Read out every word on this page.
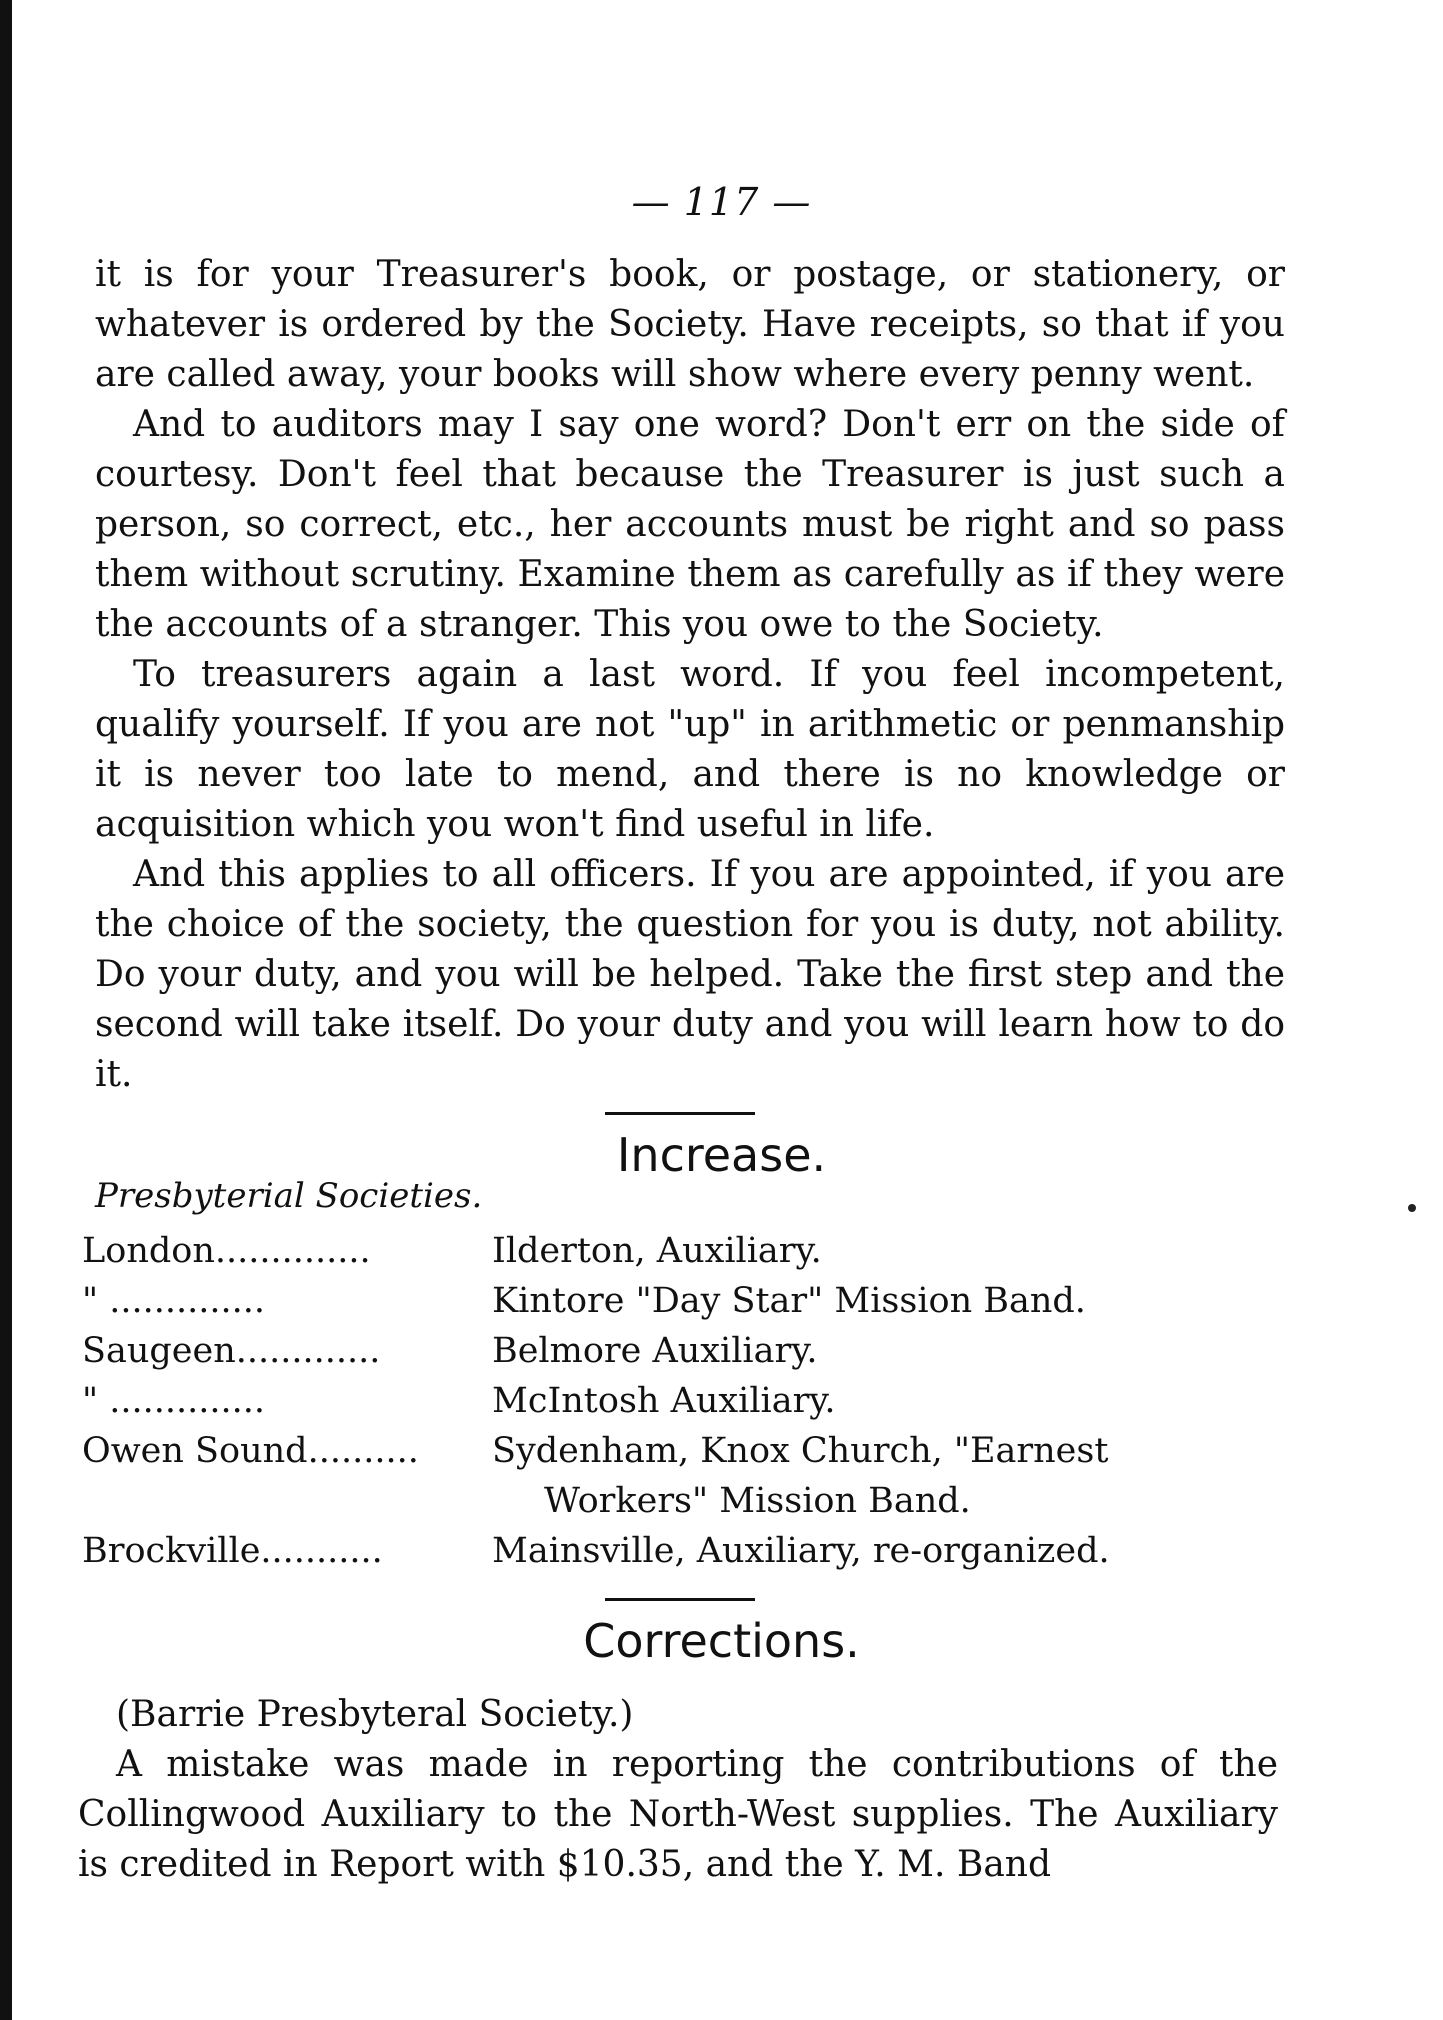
— 117 —

it is for your Treasurer's book, or postage, or stationery, or whatever is ordered by the Society. Have receipts, so that if you are called away, your books will show where every penny went.

And to auditors may I say one word? Don't err on the side of courtesy. Don't feel that because the Treasurer is just such a person, so correct, etc., her accounts must be right and so pass them without scrutiny. Examine them as carefully as if they were the accounts of a stranger. This you owe to the Society.

To treasurers again a last word. If you feel incompetent, qualify yourself. If you are not "up" in arithmetic or penmanship it is never too late to mend, and there is no knowledge or acquisition which you won't find useful in life.

And this applies to all officers. If you are appointed, if you are the choice of the society, the question for you is duty, not ability. Do your duty, and you will be helped. Take the first step and the second will take itself. Do your duty and you will learn how to do it.

Increase.
Presbyterial Societies.
London..............	Ilderton, Auxiliary.
" ..............	Kintore "Day Star" Mission Band.
Saugeen.............	Belmore Auxiliary.
" ..............	McIntosh Auxiliary.
Owen Sound..........	Sydenham, Knox Church, "Earnest
Workers" Mission Band.
Brockville...........	Mainsville, Auxiliary, re-organized.
Corrections.

(Barrie Presbyteral Society.)

A mistake was made in reporting the contributions of the Collingwood Auxiliary to the North-West supplies. The Auxiliary is credited in Report with $10.35, and the Y. M. Band
